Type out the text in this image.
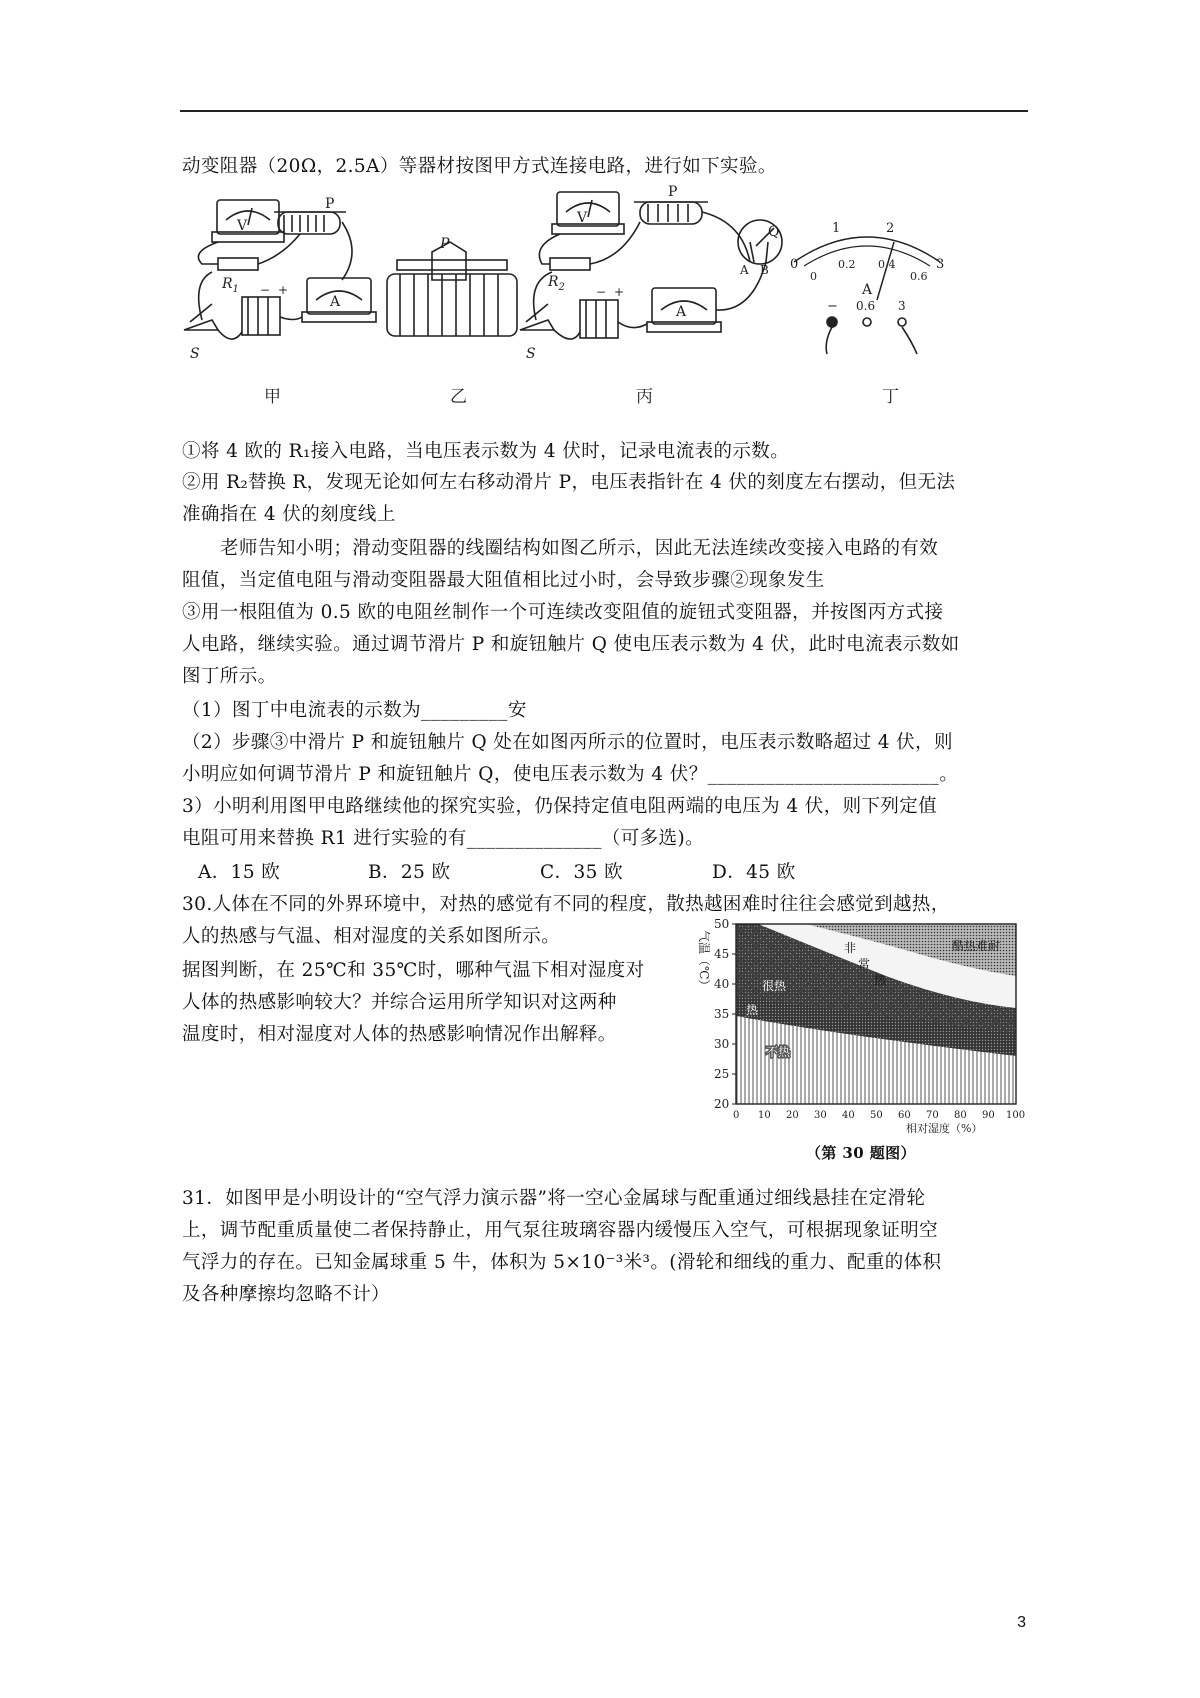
动变阻器（20Ω，2.5A）等器材按图甲方式连接电路，进行如下实验。
V
A
P
$R_1$
S
− +
P
V
A
P
$R_2$
S
− +
Q
A B 0
1	2
3
0
0.2 0.4
0.6
A
− 0.6 3
甲	乙	丙	丁
①将 4 欧的 R₁接入电路，当电压表示数为 4 伏时，记录电流表的示数。
②用 R₂替换 R，发现无论如何左右移动滑片 P，电压表指针在 4 伏的刻度左右摆动，但无法
准确指在 4 伏的刻度线上
老师告知小明；滑动变阻器的线圈结构如图乙所示，因此无法连续改变接入电路的有效
阻值，当定值电阻与滑动变阻器最大阻值相比过小时，会导致步骤②现象发生
③用一根阻值为 0.5 欧的电阻丝制作一个可连续改变阻值的旋钮式变阻器，并按图丙方式接
人电路，继续实验。通过调节滑片 P 和旋钮触片 Q 使电压表示数为 4 伏，此时电流表示数如
图丁所示。
（1）图丁中电流表的示数为_________安
（2）步骤③中滑片 P 和旋钮触片 Q 处在如图丙所示的位置时，电压表示数略超过 4 伏，则
小明应如何调节滑片 P 和旋钮触片 Q，使电压表示数为 4 伏？________________________。
3）小明利用图甲电路继续他的探究实验，仍保持定值电阻两端的电压为 4 伏，则下列定值
电阻可用来替换 R1 进行实验的有______________（可多选)。
A．15 欧	B．25 欧	C．35 欧	D．45 欧
30.人体在不同的外界环境中，对热的感觉有不同的程度，散热越困难时往往会感觉到越热，
人的热感与气温、相对湿度的关系如图所示。
据图判断，在 25℃和 35℃时，哪种气温下相对湿度对
人体的热感影响较大？并综合运用所学知识对这两种
温度时，相对湿度对人体的热感影响情况作出解释。
50
45
40
35
30
25
20
0 10 20 30 40 50 60 70 80 90 100
气温（℃）
相对湿度（%）
酷热难耐
非
常
热
很热
热
不热
（第 30 题图）
31．如图甲是小明设计的“空气浮力演示器”将一空心金属球与配重通过细线悬挂在定滑轮
上，调节配重质量使二者保持静止，用气泵往玻璃容器内缓慢压入空气，可根据现象证明空
气浮力的存在。已知金属球重 5 牛，体积为 5×10⁻³米³。(滑轮和细线的重力、配重的体积
及各种摩擦均忽略不计）
3
